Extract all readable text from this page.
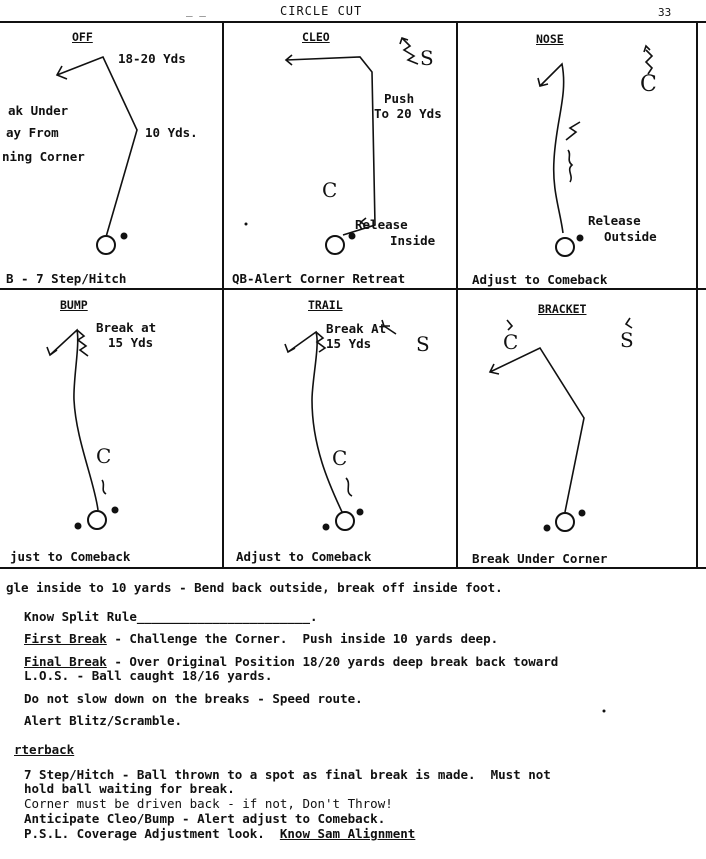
_ _	CIRCLE CUT	33
OFF	CLEO	NOSE
BUMP	TRAIL	BRACKET
18-20 Yds
ak Under
ay From
ning Corner
10 Yds.
Push
To 20 Yds
Release
Inside
C
S
Release
Outside
C
Break at
15 Yds
C
Break At
15 Yds S
C
C	S
B - 7 Step/Hitch	QB-Alert Corner Retreat	Adjust to Comeback
just to Comeback	Adjust to Comeback	Break Under Corner
gle inside to 10 yards - Bend back outside, break off inside foot.
Know Split Rule_______________________.
First Break - Challenge the Corner.  Push inside 10 yards deep.
Final Break - Over Original Position 18/20 yards deep break back toward
L.O.S. - Ball caught 18/16 yards.
Do not slow down on the breaks - Speed route.
Alert Blitz/Scramble.
rterback
7 Step/Hitch - Ball thrown to a spot as final break is made.  Must not
hold ball waiting for break.
Corner must be driven back - if not, Don't Throw!
Anticipate Cleo/Bump - Alert adjust to Comeback.
P.S.L. Coverage Adjustment look.  Know Sam Alignment
